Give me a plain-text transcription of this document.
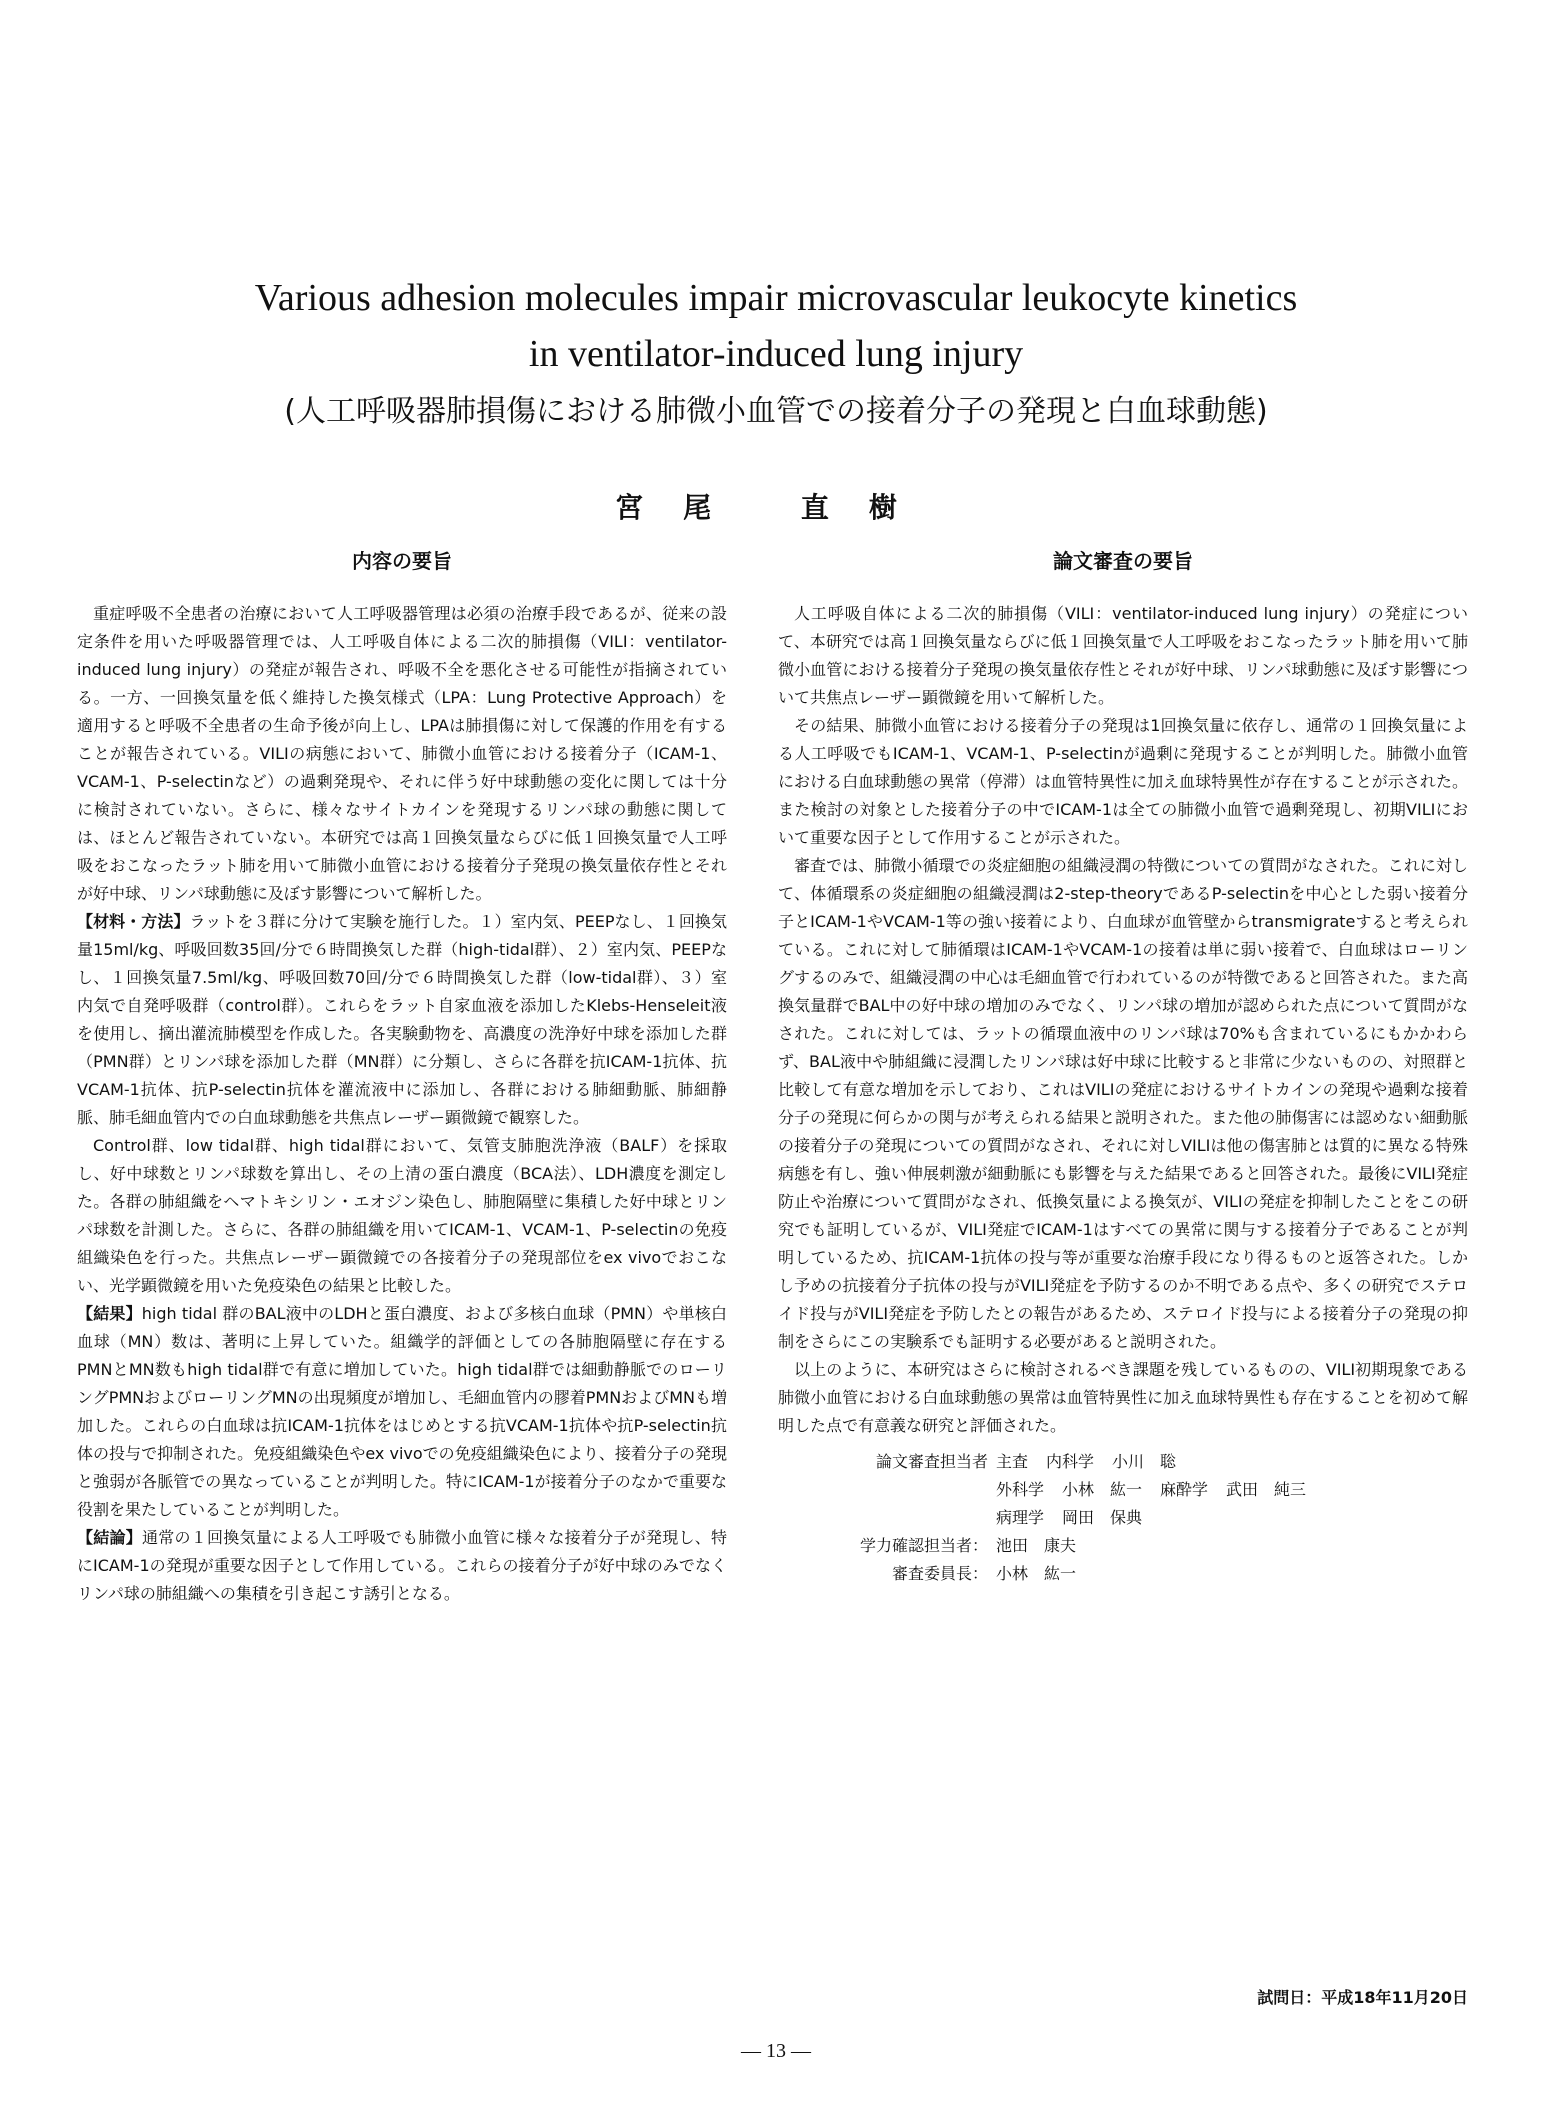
Various adhesion molecules impair microvascular leukocyte kinetics
in ventilator-induced lung injury
(人工呼吸器肺損傷における肺微小血管での接着分子の発現と白血球動態)
宮尾 直樹
内容の要旨

重症呼吸不全患者の治療において人工呼吸器管理は必須の治療手段であるが、従来の設定条件を用いた呼吸器管理では、人工呼吸自体による二次的肺損傷（VILI：ventilator-induced lung injury）の発症が報告され、呼吸不全を悪化させる可能性が指摘されている。一方、一回換気量を低く維持した換気様式（LPA：Lung Protective Approach）を適用すると呼吸不全患者の生命予後が向上し、LPAは肺損傷に対して保護的作用を有することが報告されている。VILIの病態において、肺微小血管における接着分子（ICAM-1、VCAM-1、P-selectinなど）の過剰発現や、それに伴う好中球動態の変化に関しては十分に検討されていない。さらに、様々なサイトカインを発現するリンパ球の動態に関しては、ほとんど報告されていない。本研究では高１回換気量ならびに低１回換気量で人工呼吸をおこなったラット肺を用いて肺微小血管における接着分子発現の換気量依存性とそれが好中球、リンパ球動態に及ぼす影響について解析した。

【材料・方法】ラットを３群に分けて実験を施行した。１）室内気、PEEPなし、１回換気量15ml/kg、呼吸回数35回/分で６時間換気した群（high-tidal群）、２）室内気、PEEPなし、１回換気量7.5ml/kg、呼吸回数70回/分で６時間換気した群（low-tidal群）、３）室内気で自発呼吸群（control群）。これらをラット自家血液を添加したKlebs-Henseleit液を使用し、摘出灌流肺模型を作成した。各実験動物を、高濃度の洗浄好中球を添加した群（PMN群）とリンパ球を添加した群（MN群）に分類し、さらに各群を抗ICAM-1抗体、抗VCAM-1抗体、抗P-selectin抗体を灌流液中に添加し、各群における肺細動脈、肺細静脈、肺毛細血管内での白血球動態を共焦点レーザー顕微鏡で観察した。

Control群、low tidal群、high tidal群において、気管支肺胞洗浄液（BALF）を採取し、好中球数とリンパ球数を算出し、その上清の蛋白濃度（BCA法）、LDH濃度を測定した。各群の肺組織をヘマトキシリン・エオジン染色し、肺胞隔壁に集積した好中球とリンパ球数を計測した。さらに、各群の肺組織を用いてICAM-1、VCAM-1、P-selectinの免疫組織染色を行った。共焦点レーザー顕微鏡での各接着分子の発現部位をex vivoでおこない、光学顕微鏡を用いた免疫染色の結果と比較した。

【結果】high tidal 群のBAL液中のLDHと蛋白濃度、および多核白血球（PMN）や単核白血球（MN）数は、著明に上昇していた。組織学的評価としての各肺胞隔壁に存在するPMNとMN数もhigh tidal群で有意に増加していた。high tidal群では細動静脈でのローリングPMNおよびローリングMNの出現頻度が増加し、毛細血管内の膠着PMNおよびMNも増加した。これらの白血球は抗ICAM-1抗体をはじめとする抗VCAM-1抗体や抗P-selectin抗体の投与で抑制された。免疫組織染色やex vivoでの免疫組織染色により、接着分子の発現と強弱が各脈管での異なっていることが判明した。特にICAM-1が接着分子のなかで重要な役割を果たしていることが判明した。

【結論】通常の１回換気量による人工呼吸でも肺微小血管に様々な接着分子が発現し、特にICAM-1の発現が重要な因子として作用している。これらの接着分子が好中球のみでなくリンパ球の肺組織への集積を引き起こす誘引となる。

論文審査の要旨

人工呼吸自体による二次的肺損傷（VILI：ventilator-induced lung injury）の発症について、本研究では高１回換気量ならびに低１回換気量で人工呼吸をおこなったラット肺を用いて肺微小血管における接着分子発現の換気量依存性とそれが好中球、リンパ球動態に及ぼす影響について共焦点レーザー顕微鏡を用いて解析した。

その結果、肺微小血管における接着分子の発現は1回換気量に依存し、通常の１回換気量による人工呼吸でもICAM-1、VCAM-1、P-selectinが過剰に発現することが判明した。肺微小血管における白血球動態の異常（停滞）は血管特異性に加え血球特異性が存在することが示された。また検討の対象とした接着分子の中でICAM-1は全ての肺微小血管で過剰発現し、初期VILIにおいて重要な因子として作用することが示された。

審査では、肺微小循環での炎症細胞の組織浸潤の特徴についての質問がなされた。これに対して、体循環系の炎症細胞の組織浸潤は2-step-theoryであるP-selectinを中心とした弱い接着分子とICAM-1やVCAM-1等の強い接着により、白血球が血管壁からtransmigrateすると考えられている。これに対して肺循環はICAM-1やVCAM-1の接着は単に弱い接着で、白血球はローリングするのみで、組織浸潤の中心は毛細血管で行われているのが特徴であると回答された。また高換気量群でBAL中の好中球の増加のみでなく、リンパ球の増加が認められた点について質問がなされた。これに対しては、ラットの循環血液中のリンパ球は70%も含まれているにもかかわらず、BAL液中や肺組織に浸潤したリンパ球は好中球に比較すると非常に少ないものの、対照群と比較して有意な増加を示しており、これはVILIの発症におけるサイトカインの発現や過剰な接着分子の発現に何らかの関与が考えられる結果と説明された。また他の肺傷害には認めない細動脈の接着分子の発現についての質問がなされ、それに対しVILIは他の傷害肺とは質的に異なる特殊病態を有し、強い伸展刺激が細動脈にも影響を与えた結果であると回答された。最後にVILI発症防止や治療について質問がなされ、低換気量による換気が、VILIの発症を抑制したことをこの研究でも証明しているが、VILI発症でICAM-1はすべての異常に関与する接着分子であることが判明しているため、抗ICAM-1抗体の投与等が重要な治療手段になり得るものと返答された。しかし予めの抗接着分子抗体の投与がVILI発症を予防するのか不明である点や、多くの研究でステロイド投与がVILI発症を予防したとの報告があるため、ステロイド投与による接着分子の発現の抑制をさらにこの実験系でも証明する必要があると説明された。

以上のように、本研究はさらに検討されるべき課題を残しているものの、VILI初期現象である肺微小血管における白血球動態の異常は血管特異性に加え血球特異性も存在することを初めて解明した点で有意義な研究と評価された。

論文審査担当者 主査 内科学 小川　聡
外科学 小林　紘一 麻酔学 武田　純三
病理学 岡田　保典
学力確認担当者： 池田　康夫
審査委員長： 小林　紘一
試問日：平成18年11月20日
— 13 —
